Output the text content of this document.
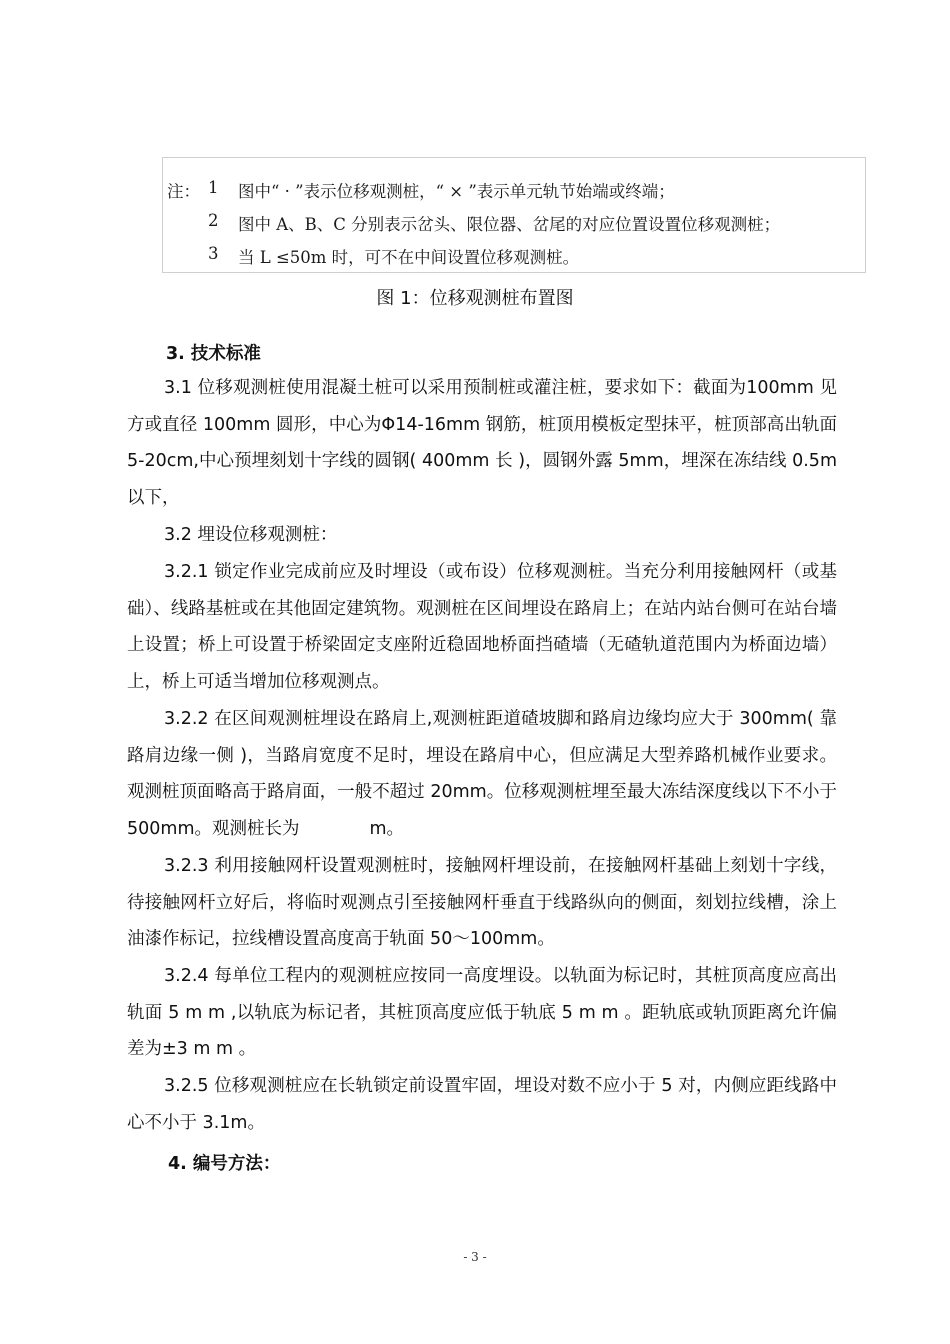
注： 1 图中“ · ”表示位移观测桩，“ × ”表示单元轨节始端或终端；
2 图中 A、B、C 分别表示岔头、限位器、岔尾的对应位置设置位移观测桩；
3 当 L ≤50m 时，可不在中间设置位移观测桩。
图 1：位移观测桩布置图
3. 技术标准
3.1 位移观测桩使用混凝土桩可以采用预制桩或灌注桩，要求如下：截面为100mm 见方或直径 100mm 圆形，中心为Φ14-16mm 钢筋，桩顶用模板定型抹平，桩顶部高出轨面 5-20cm,中心预埋刻划十字线的圆钢( 400mm 长 )，圆钢外露 5mm，埋深在冻结线 0.5m 以下，
3.2 埋设位移观测桩：
3.2.1 锁定作业完成前应及时埋设（或布设）位移观测桩。当充分利用接触网杆（或基础）、线路基桩或在其他固定建筑物。观测桩在区间埋设在路肩上；在站内站台侧可在站台墙上设置；桥上可设置于桥梁固定支座附近稳固地桥面挡碴墙（无碴轨道范围内为桥面边墙）上，桥上可适当增加位移观测点。
3.2.2 在区间观测桩埋设在路肩上,观测桩距道碴坡脚和路肩边缘均应大于 300mm( 靠路肩边缘一侧 )，当路肩宽度不足时，埋设在路肩中心，但应满足大型养路机械作业要求。观测桩顶面略高于路肩面，一般不超过 20mm。位移观测桩埋至最大冻结深度线以下不小于 500mm。观测桩长为	m。
3.2.3 利用接触网杆设置观测桩时，接触网杆埋设前，在接触网杆基础上刻划十字线，待接触网杆立好后，将临时观测点引至接触网杆垂直于线路纵向的侧面，刻划拉线槽，涂上油漆作标记，拉线槽设置高度高于轨面 50～100mm。
3.2.4 每单位工程内的观测桩应按同一高度埋设。以轨面为标记时，其桩顶高度应高出轨面 5 m m ,以轨底为标记者，其桩顶高度应低于轨底 5 m m 。距轨底或轨顶距离允许偏差为±3 m m 。
3.2.5 位移观测桩应在长轨锁定前设置牢固，埋设对数不应小于 5 对，内侧应距线路中心不小于 3.1m。
4. 编号方法：
- 3 -
